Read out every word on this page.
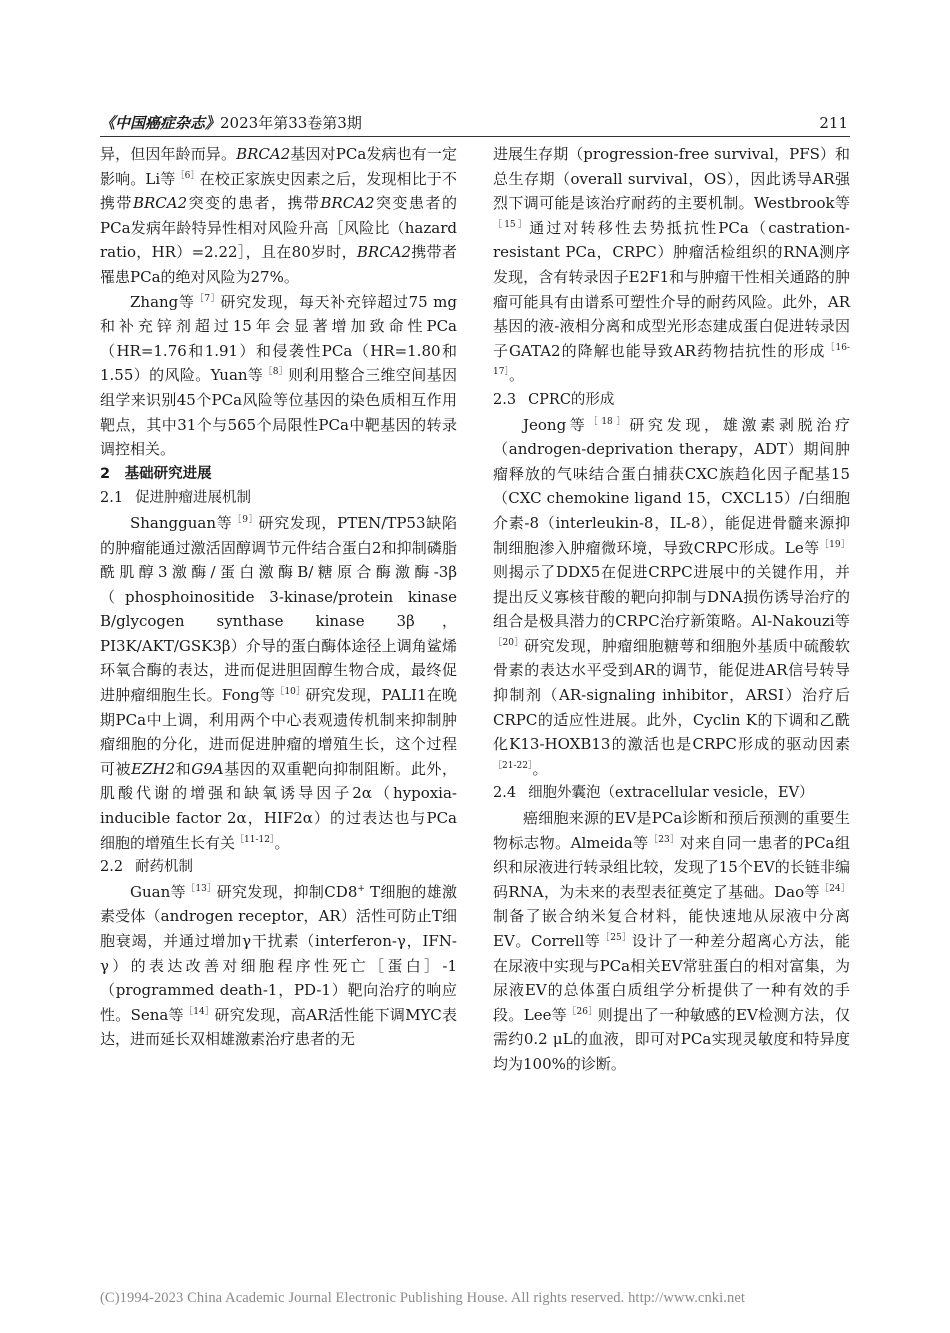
《中国癌症杂志》2023年第33卷第3期	211

异，但因年龄而异。BRCA2基因对PCa发病也有一定影响。Li等$^{[6]}$在校正家族史因素之后，发现相比于不携带BRCA2突变的患者，携带BRCA2突变患者的PCa发病年龄特异性相对风险升高［风险比（hazard ratio，HR）=2.22］，且在80岁时，BRCA2携带者罹患PCa的绝对风险为27%。

Zhang等$^{[7]}$研究发现，每天补充锌超过75 mg和补充锌剂超过15年会显著增加致命性PCa（HR=1.76和1.91）和侵袭性PCa（HR=1.80和1.55）的风险。Yuan等$^{[8]}$则利用整合三维空间基因组学来识别45个PCa风险等位基因的染色质相互作用靶点，其中31个与565个局限性PCa中靶基因的转录调控相关。

2　基础研究进展
2.1 促进肿瘤进展机制

Shangguan等$^{[9]}$研究发现，PTEN/TP53缺陷的肿瘤能通过激活固醇调节元件结合蛋白2和抑制磷脂酰肌醇3激酶/蛋白激酶B/糖原合酶激酶-3β（phosphoinositide 3-kinase/protein kinase B/glycogen synthase kinase 3β，PI3K/AKT/GSK3β）介导的蛋白酶体途径上调角鲨烯环氧合酶的表达，进而促进胆固醇生物合成，最终促进肿瘤细胞生长。Fong等$^{[10]}$研究发现，PALI1在晚期PCa中上调，利用两个中心表观遗传机制来抑制肿瘤细胞的分化，进而促进肿瘤的增殖生长，这个过程可被EZH2和G9A基因的双重靶向抑制阻断。此外，肌酸代谢的增强和缺氧诱导因子2α（hypoxia-inducible factor 2α，HIF2α）的过表达也与PCa细胞的增殖生长有关$^{[11-12]}$。

2.2 耐药机制

Guan等$^{[13]}$研究发现，抑制CD8+ T细胞的雄激素受体（androgen receptor，AR）活性可防止T细胞衰竭，并通过增加γ干扰素（interferon-γ，IFN-γ）的表达改善对细胞程序性死亡［蛋白］-1（programmed death-1，PD-1）靶向治疗的响应性。Sena等$^{[14]}$研究发现，高AR活性能下调MYC表达，进而延长双相雄激素治疗患者的无

进展生存期（progression-free survival，PFS）和总生存期（overall survival，OS），因此诱导AR强烈下调可能是该治疗耐药的主要机制。Westbrook等$^{[15]}$通过对转移性去势抵抗性PCa（castration-resistant PCa，CRPC）肿瘤活检组织的RNA测序发现，含有转录因子E2F1和与肿瘤干性相关通路的肿瘤可能具有由谱系可塑性介导的耐药风险。此外，AR基因的液-液相分离和成型光形态建成蛋白促进转录因子GATA2的降解也能导致AR药物拮抗性的形成$^{[16-17]}$。

2.3 CPRC的形成

Jeong等$^{[18]}$研究发现，雄激素剥脱治疗（androgen-deprivation therapy，ADT）期间肿瘤释放的气味结合蛋白捕获CXC族趋化因子配基15（CXC chemokine ligand 15，CXCL15）/白细胞介素-8（interleukin-8，IL-8），能促进骨髓来源抑制细胞渗入肿瘤微环境，导致CRPC形成。Le等$^{[19]}$则揭示了DDX5在促进CRPC进展中的关键作用，并提出反义寡核苷酸的靶向抑制与DNA损伤诱导治疗的组合是极具潜力的CRPC治疗新策略。Al-Nakouzi等$^{[20]}$研究发现，肿瘤细胞糖萼和细胞外基质中硫酸软骨素的表达水平受到AR的调节，能促进AR信号转导抑制剂（AR-signaling inhibitor，ARSI）治疗后CRPC的适应性进展。此外，Cyclin K的下调和乙酰化K13-HOXB13的激活也是CRPC形成的驱动因素$^{[21-22]}$。

2.4 细胞外囊泡（extracellular vesicle，EV）

癌细胞来源的EV是PCa诊断和预后预测的重要生物标志物。Almeida等$^{[23]}$对来自同一患者的PCa组织和尿液进行转录组比较，发现了15个EV的长链非编码RNA，为未来的表型表征奠定了基础。Dao等$^{[24]}$制备了嵌合纳米复合材料，能快速地从尿液中分离EV。Correll等$^{[25]}$设计了一种差分超离心方法，能在尿液中实现与PCa相关EV常驻蛋白的相对富集，为尿液EV的总体蛋白质组学分析提供了一种有效的手段。Lee等$^{[26]}$则提出了一种敏感的EV检测方法，仅需约0.2 μL的血液，即可对PCa实现灵敏度和特异度均为100%的诊断。

(C)1994-2023 China Academic Journal Electronic Publishing House. All rights reserved. http://www.cnki.net
